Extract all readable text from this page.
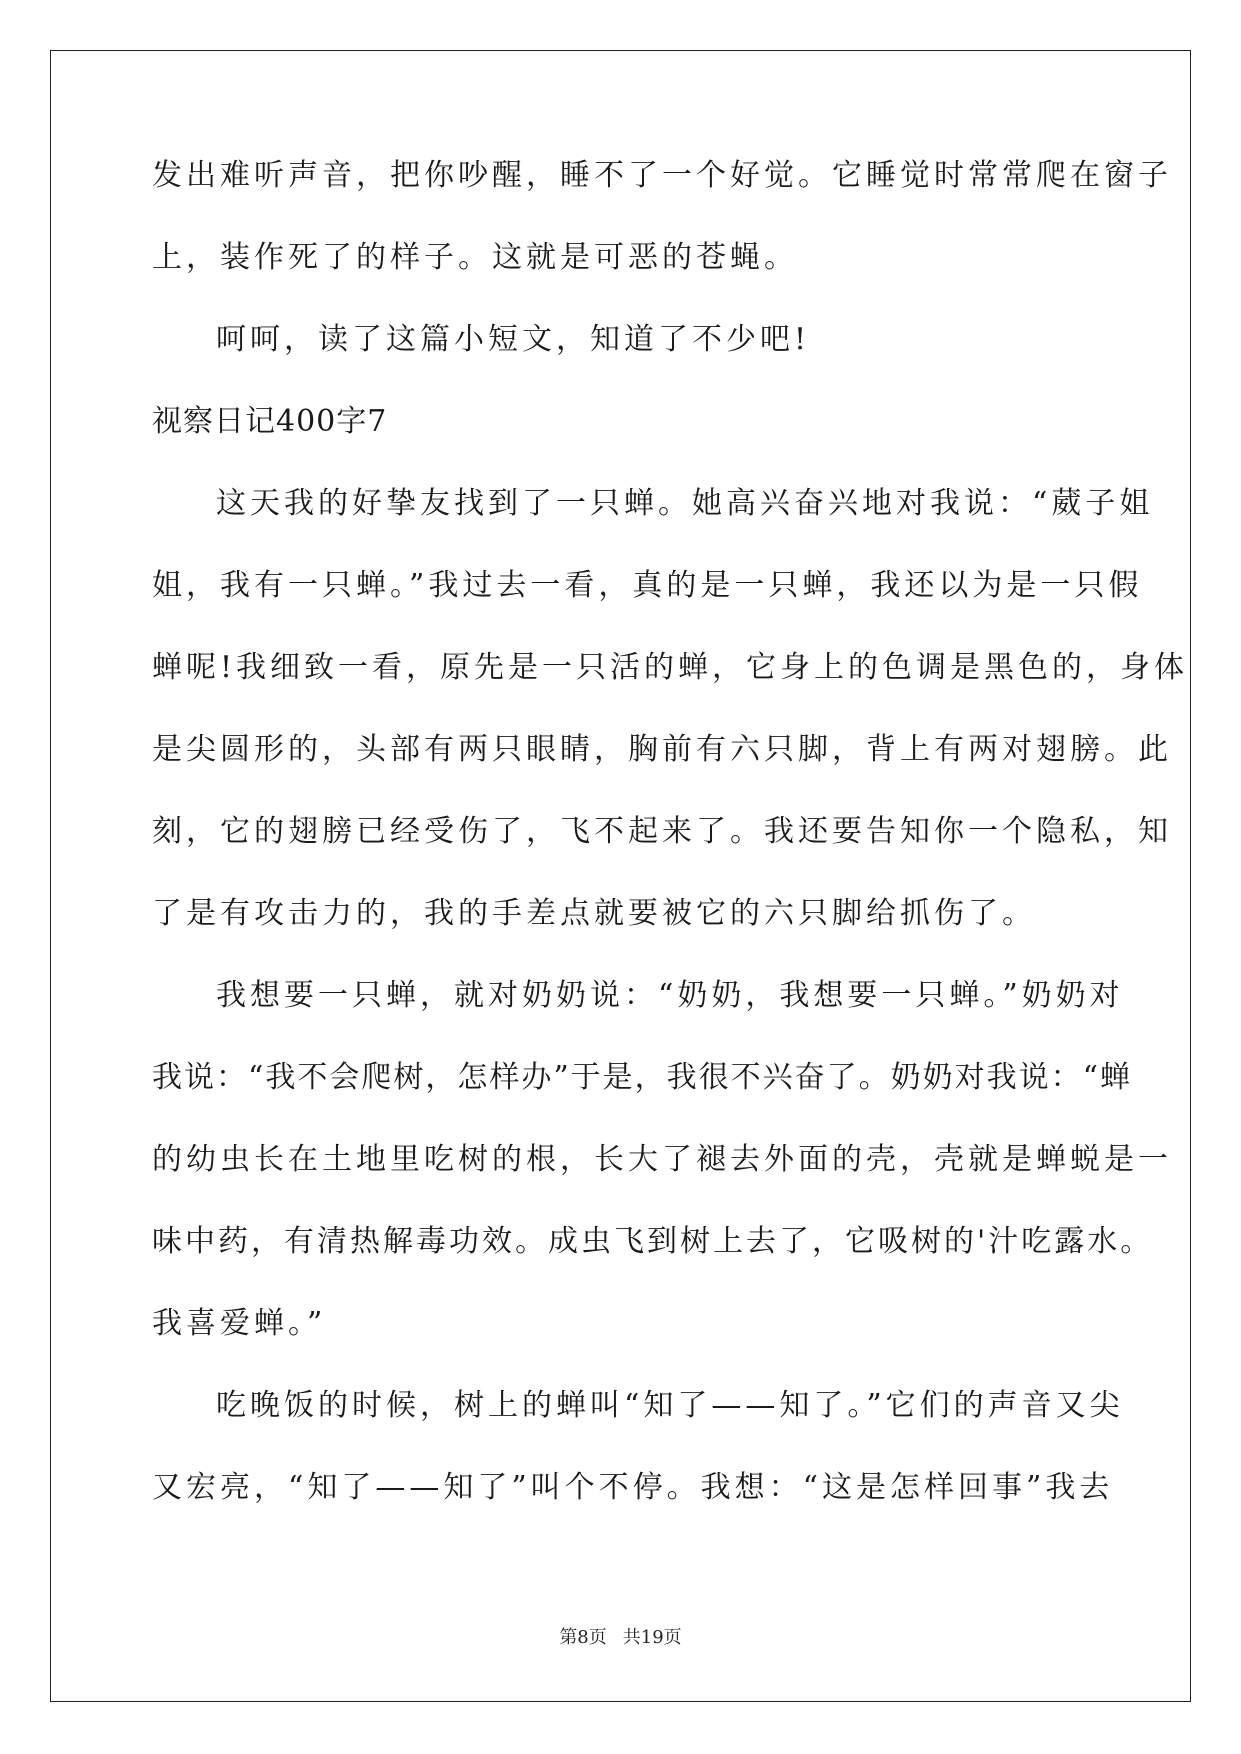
发出难听声音，把你吵醒，睡不了一个好觉。它睡觉时常常爬在窗子

上，装作死了的样子。这就是可恶的苍蝇。

呵呵，读了这篇小短文，知道了不少吧!

视察日记400字7

这天我的好挚友找到了一只蝉。她高兴奋兴地对我说：“葳子姐

姐，我有一只蝉。”我过去一看，真的是一只蝉，我还以为是一只假

蝉呢!我细致一看，原先是一只活的蝉，它身上的色调是黑色的，身体

是尖圆形的，头部有两只眼睛，胸前有六只脚，背上有两对翅膀。此

刻，它的翅膀已经受伤了，飞不起来了。我还要告知你一个隐私，知

了是有攻击力的，我的手差点就要被它的六只脚给抓伤了。

我想要一只蝉，就对奶奶说：“奶奶，我想要一只蝉。”奶奶对

我说：“我不会爬树，怎样办”于是，我很不兴奋了。奶奶对我说：“蝉

的幼虫长在土地里吃树的根，长大了褪去外面的壳，壳就是蝉蜕是一

味中药，有清热解毒功效。成虫飞到树上去了，它吸树的'汁吃露水。

我喜爱蝉。”

吃晚饭的时候，树上的蝉叫“知了——知了。”它们的声音又尖

又宏亮，“知了——知了”叫个不停。我想：“这是怎样回事”我去

第8页 共19页
